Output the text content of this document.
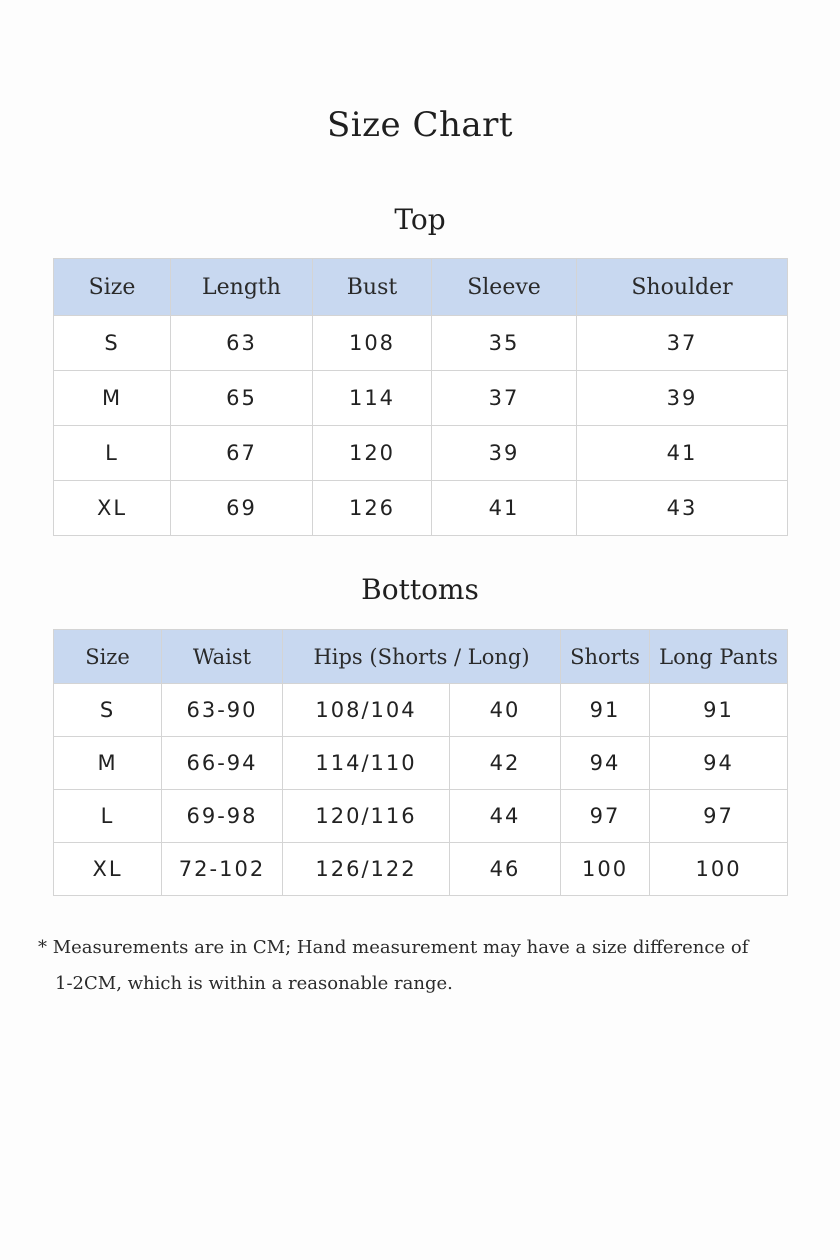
Size Chart
Top
Size	Length	Bust	Sleeve	Shoulder
S	63	108	35	37
M	65	114	37	39
L	67	120	39	41
XL	69	126	41	43
Bottoms
Size	Waist	Hips (Shorts / Long)		Shorts	Long Pants
S	63-90	108/104	40	91	91
M	66-94	114/110	42	94	94
L	69-98	120/116	44	97	97
XL	72-102	126/122	46	100	100
* Measurements are in CM; Hand measurement may have a size difference of
1-2CM, which is within a reasonable range.
